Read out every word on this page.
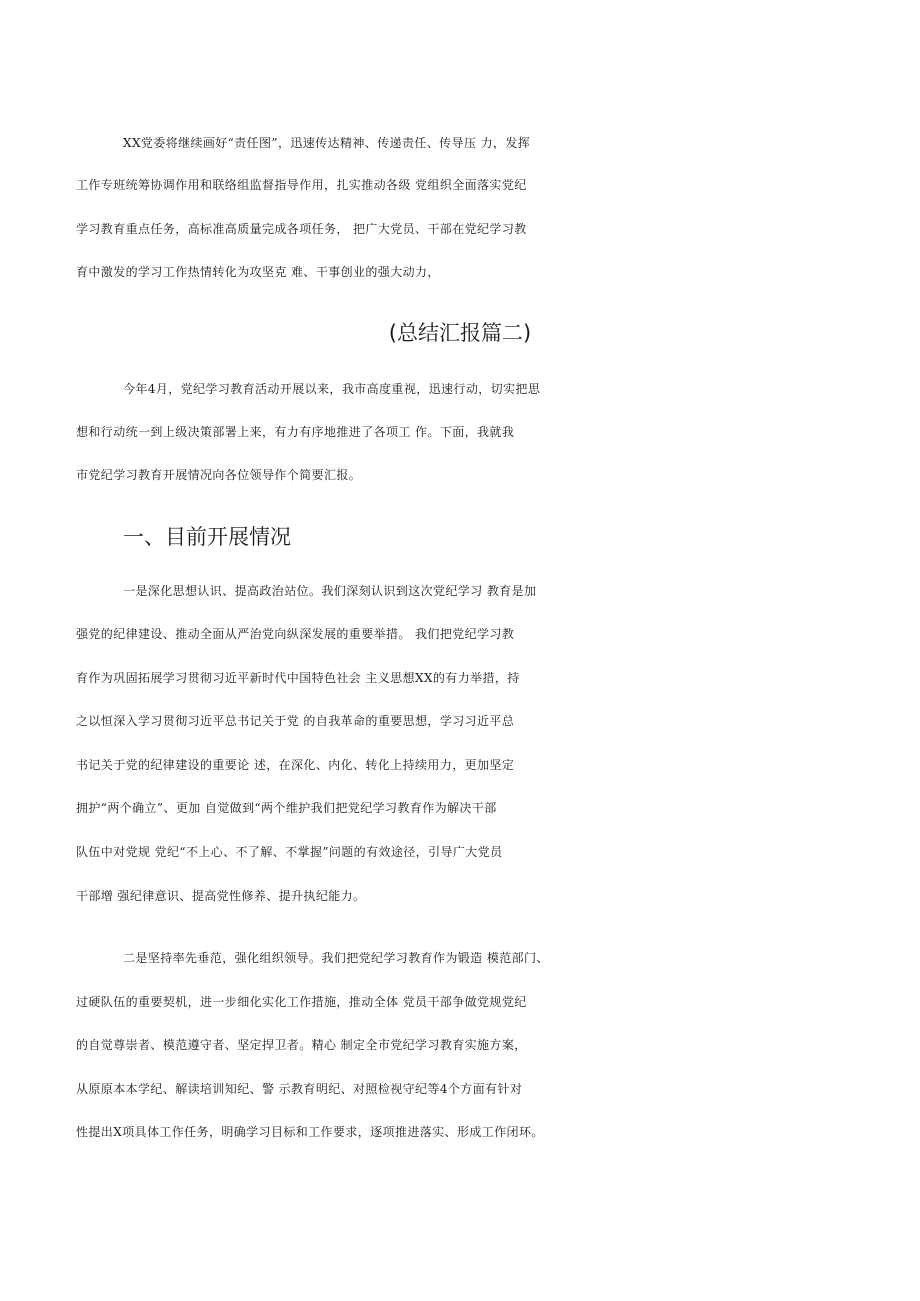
XX党委将继续画好“责任图”，迅速传达精神、传递责任、传导压 力，发挥
工作专班统筹协调作用和联络组监督指导作用，扎实推动各级 党组织全面落实党纪
学习教育重点任务，高标准高质量完成各项任务， 把广大党员、干部在党纪学习教
育中激发的学习工作热情转化为攻坚克 难、干事创业的强大动力，
(总结汇报篇二)
今年4月，党纪学习教育活动开展以来，我市高度重视，迅速行动，切实把思
想和行动统一到上级决策部署上来，有力有序地推进了各项工 作。下面，我就我
市党纪学习教育开展情况向各位领导作个简要汇报。
一、目前开展情况
一是深化思想认识、提高政治站位。我们深刻认识到这次党纪学习 教育是加
强党的纪律建设、推动全面从严治党向纵深发展的重要举措。 我们把党纪学习教
育作为巩固拓展学习贯彻习近平新时代中国特色社会 主义思想XX的有力举措，持
之以恒深入学习贯彻习近平总书记关于党 的自我革命的重要思想，学习习近平总
书记关于党的纪律建设的重要论 述，在深化、内化、转化上持续用力，更加坚定
拥护“两个确立”、更加 自觉做到“两个维护我们把党纪学习教育作为解决干部
队伍中对党规 党纪“不上心、不了解、不掌握”问题的有效途径，引导广大党员
干部增 强纪律意识、提高党性修养、提升执纪能力。
二是坚持率先垂范，强化组织领导。我们把党纪学习教育作为锻造 模范部门、
过硬队伍的重要契机，进一步细化实化工作措施，推动全体 党员干部争做党规党纪
的自觉尊崇者、模范遵守者、坚定捍卫者。精心 制定全市党纪学习教育实施方案，
从原原本本学纪、解读培训知纪、警 示教育明纪、对照检视守纪等4个方面有针对
性提出X项具体工作任务，明确学习目标和工作要求，逐项推进落实、形成工作闭环。
